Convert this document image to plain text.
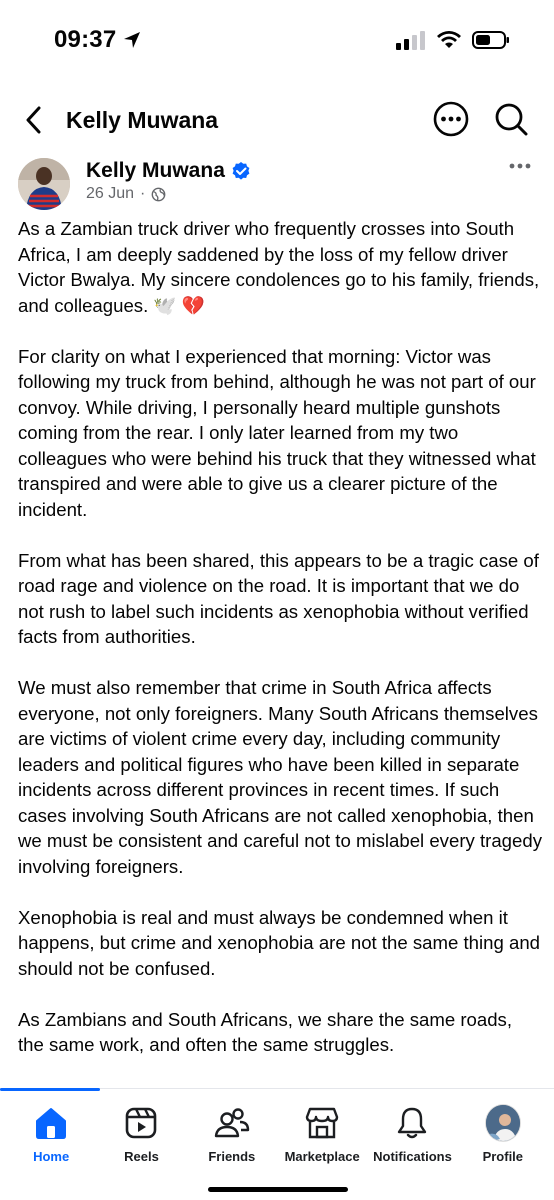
09:37
Kelly Muwana
Kelly Muwana
26 Jun ·

As a Zambian truck driver who frequently crosses into South Africa, I am deeply saddened by the loss of my fellow driver Victor Bwalya. My sincere condolences go to his family, friends, and colleagues. 🕊️ 💔

For clarity on what I experienced that morning: Victor was following my truck from behind, although he was not part of our convoy. While driving, I personally heard multiple gunshots coming from the rear. I only later learned from my two colleagues who were behind his truck that they witnessed what transpired and were able to give us a clearer picture of the incident.

From what has been shared, this appears to be a tragic case of road rage and violence on the road. It is important that we do not rush to label such incidents as xenophobia without verified facts from authorities.

We must also remember that crime in South Africa affects everyone, not only foreigners. Many South Africans themselves are victims of violent crime every day, including community leaders and political figures who have been killed in separate incidents across different provinces in recent times. If such cases involving South Africans are not called xenophobia, then we must be consistent and careful not to mislabel every tragedy involving foreigners.

Xenophobia is real and must always be condemned when it happens, but crime and xenophobia are not the same thing and should not be confused.

As Zambians and South Africans, we share the same roads, the same work, and often the same struggles.

Home	Reels	Friends Marketplace Notifications Profile
